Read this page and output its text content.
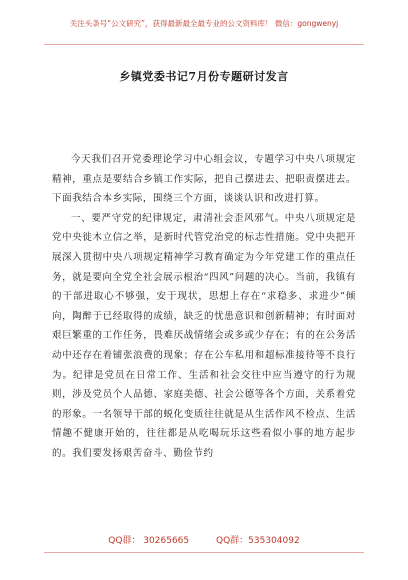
关注头条号“公文研究”，获得最新最全最专业的公文资料库！ 微信：gongwenyj
乡镇党委书记7月份专题研讨发言

今天我们召开党委理论学习中心组会议，专题学习中央八项规定精神，重点是要结合乡镇工作实际，把自己摆进去、把职责摆进去。下面我结合本乡实际，围绕三个方面，谈谈认识和改进打算。

一、要严守党的纪律规定，肃清社会歪风邪气。中央八项规定是党中央徙木立信之举，是新时代管党治党的标志性措施。党中央把开展深入贯彻中央八项规定精神学习教育确定为今年党建工作的重点任务，就是要向全党全社会展示根治“四风”问题的决心。当前，我镇有的干部进取心不够强，安于现状，思想上存在“求稳多、求进少”倾向，陶醉于已经取得的成绩，缺乏的忧患意识和创新精神；有时面对艰巨繁重的工作任务，畏难厌战情绪会或多或少存在；有的在公务活动中还存在着铺张浪费的现象；存在公车私用和超标准接待等不良行为。纪律是党员在日常工作、生活和社会交往中应当遵守的行为规则，涉及党员个人品德、家庭美德、社会公德等各个方面，关系着党的形象。一名领导干部的蜕化变质往往就是从生活作风不检点、生活情趣不健康开始的，往往都是从吃喝玩乐这些看似小事的地方起步的。我们要发扬艰苦奋斗、勤俭节约

QQ群： 30265665	QQ群：535304092
